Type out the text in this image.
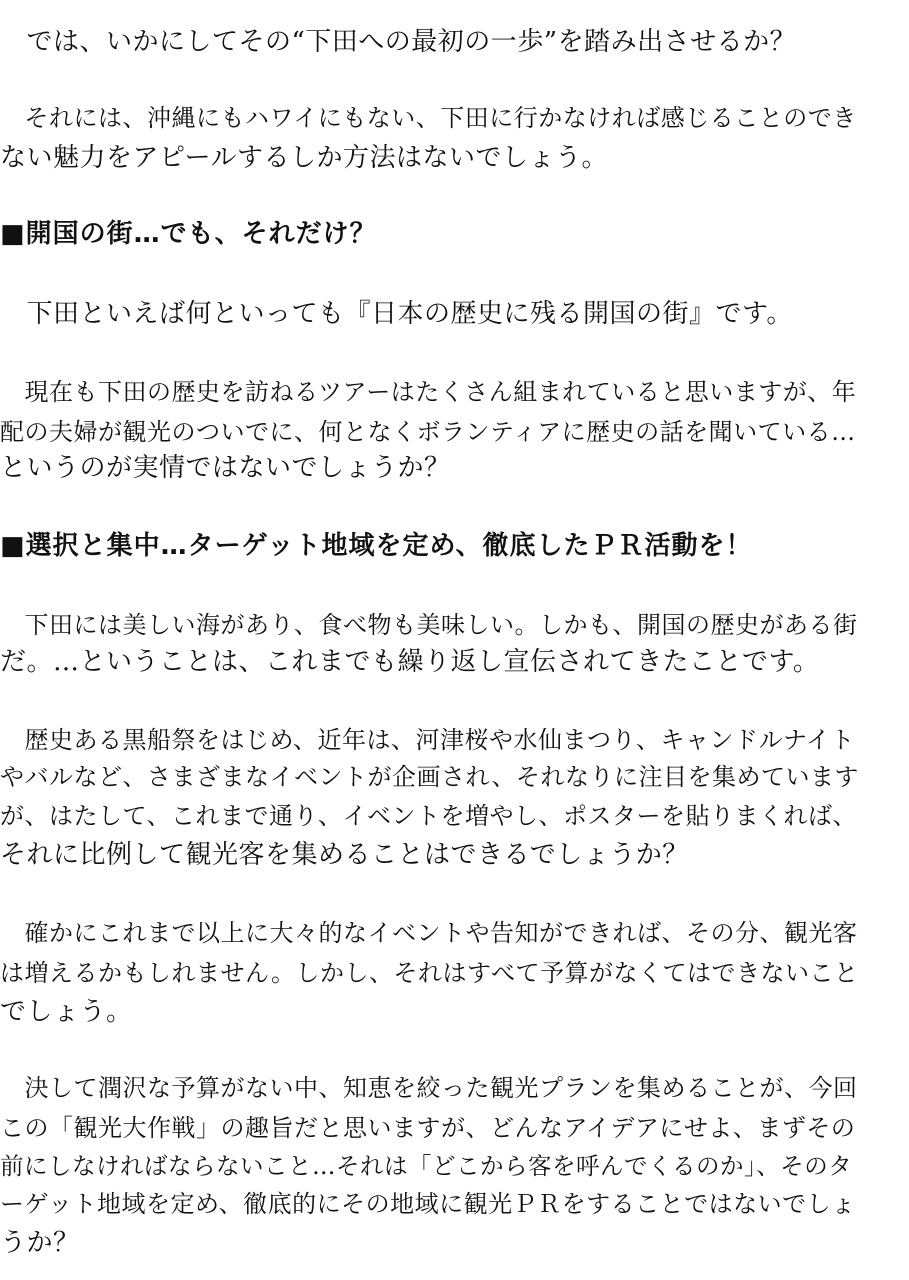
　では、いかにしてその“下田への最初の一歩”を踏み出させるか？
　それには、沖縄にもハワイにもない、下田に行かなければ感じることのでき
ない魅力をアピールするしか方法はないでしょう。
■開国の街…でも、それだけ？
　下田といえば何といっても『日本の歴史に残る開国の街』です。
　現在も下田の歴史を訪ねるツアーはたくさん組まれていると思いますが、年
配の夫婦が観光のついでに、何となくボランティアに歴史の話を聞いている…
というのが実情ではないでしょうか？
■選択と集中…ターゲット地域を定め、徹底したＰＲ活動を！
　下田には美しい海があり、食べ物も美味しい。しかも、開国の歴史がある街
だ。…ということは、これまでも繰り返し宣伝されてきたことです。
　歴史ある黒船祭をはじめ、近年は、河津桜や水仙まつり、キャンドルナイト
やバルなど、さまざまなイベントが企画され、それなりに注目を集めています
が、はたして、これまで通り、イベントを増やし、ポスターを貼りまくれば、
それに比例して観光客を集めることはできるでしょうか？
　確かにこれまで以上に大々的なイベントや告知ができれば、その分、観光客
は増えるかもしれません。しかし、それはすべて予算がなくてはできないこと
でしょう。
　決して潤沢な予算がない中、知恵を絞った観光プランを集めることが、今回
この「観光大作戦」の趣旨だと思いますが、どんなアイデアにせよ、まずその
前にしなければならないこと…それは「どこから客を呼んでくるのか」、そのタ
ーゲット地域を定め、徹底的にその地域に観光ＰＲをすることではないでしょ
うか？
